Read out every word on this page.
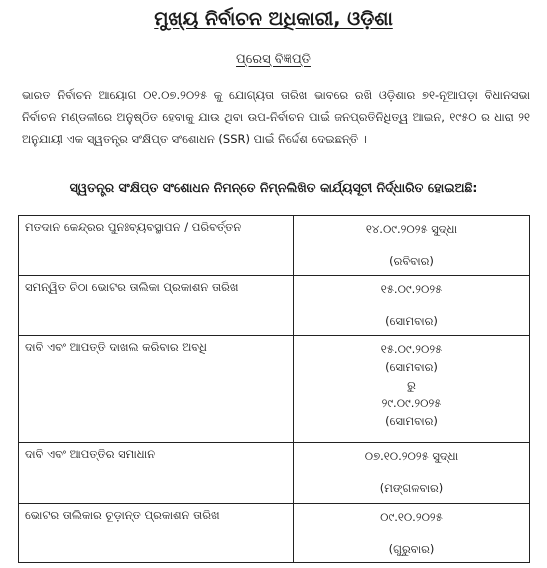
ମୁଖ୍ୟ ନିର୍ବାଚନ ଅଧିକାରୀ, ଓଡ଼ିଶା
ପ୍ରେସ୍ ବିଜ୍ଞପ୍ତି
ଭାରତ ନିର୍ବାଚନ ଆୟୋଗ ୦୧.୦୭.୨୦୨୫ କୁ ଯୋଗ୍ୟତା ତାରିଖ ଭାବରେ ରଖି ଓଡ଼ିଶାର ୭୧-ନୂଆପଡ଼ା ବିଧାନସଭା ନିର୍ବାଚନ ମଣ୍ଡଳୀରେ ଅନୁଷ୍ଠିତ ହେବାକୁ ଯାଉ ଥିବା ଉପ-ନିର୍ବାଚନ ପାଇଁ ଜନପ୍ରତିନିଧିତ୍ୱ ଆଇନ, ୧୯୫୦ ର ଧାରା ୨୧ ଅନୁଯାୟୀ ଏକ ସ୍ୱତନ୍ତ୍ର ସଂକ୍ଷିପ୍ତ ସଂଶୋଧନ (SSR) ପାଇଁ ନିର୍ଦ୍ଦେଶ ଦେଇଛନ୍ତି ।
ସ୍ୱତନ୍ତ୍ର ସଂକ୍ଷିପ୍ତ ସଂଶୋଧନ ନିମନ୍ତେ ନିମ୍ନଲିଖିତ କାର୍ଯ୍ୟସୂଚୀ ନିର୍ଦ୍ଧାରିତ ହୋଇଅଛି:
ମତଦାନ କେନ୍ଦ୍ରର ପୁନଃବ୍ୟବସ୍ଥାପନ / ପରିବର୍ତ୍ତନ	୧୪.୦୯.୨୦୨୫ ସୁଦ୍ଧା
(ରବିବାର)

ସମନ୍ୱିତ ଚିଠା ଭୋଟର ତାଲିକା ପ୍ରକାଶନ ତାରିଖ	୧୫.୦୯.୨୦୨୫
(ସୋମବାର)

ଦାବି ଏବଂ ଆପତ୍ତି ଦାଖଲ କରିବାର ଅବଧି	୧୫.୦୯.୨୦୨୫
(ସୋମବାର)
ରୁ
୨୯.୦୯.୨୦୨୫
(ସୋମବାର)

ଦାବି ଏବଂ ଆପତ୍ତିର ସମାଧାନ	୦୭.୧୦.୨୦୨୫ ସୁଦ୍ଧା
(ମଙ୍ଗଳବାର)

ଭୋଟର ତାଲିକାର ଚୂଡ଼ାନ୍ତ ପ୍ରକାଶନ ତାରିଖ	୦୯.୧୦.୨୦୨୫
(ଗୁରୁବାର)
